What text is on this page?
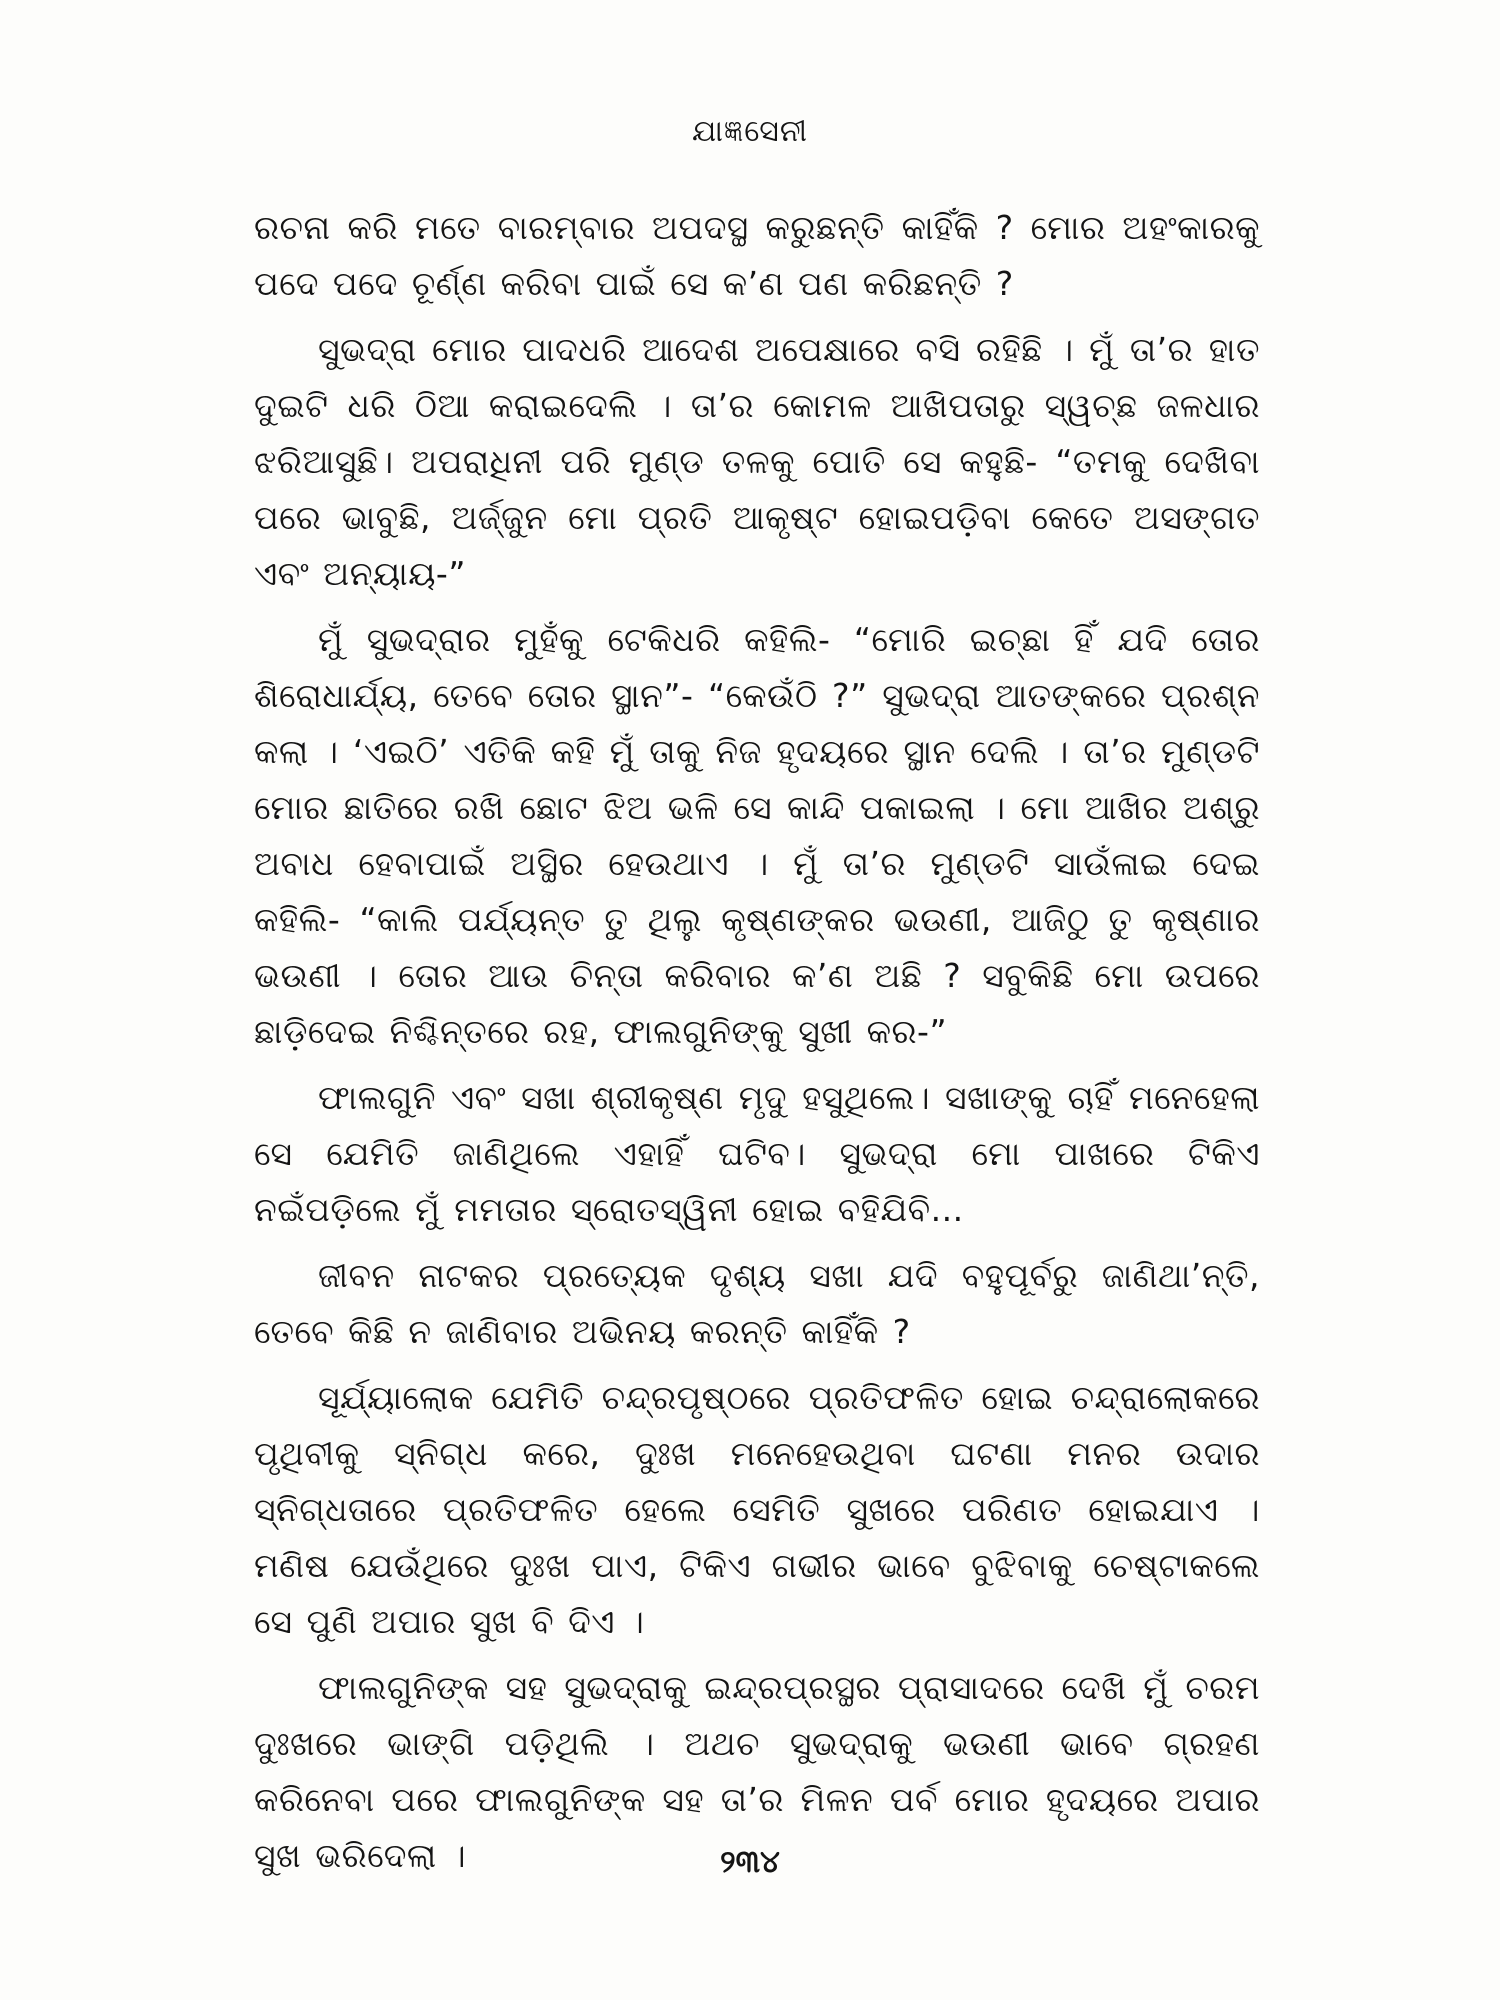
ଯାଜ୍ଞସେନୀ

ରଚନା କରି ମତେ ବାରମ୍ବାର ଅପଦସ୍ଥ କରୁଛନ୍ତି କାହିଁକି ? ମୋର ଅହଂକାରକୁ ପଦେ ପଦେ ଚୂର୍ଣ୍ଣ କରିବା ପାଇଁ ସେ କ’ଣ ପଣ କରିଛନ୍ତି ?

ସୁଭଦ୍ରା ମୋର ପାଦଧରି ଆଦେଶ ଅପେକ୍ଷାରେ ବସି ରହିଛି । ମୁଁ ତା’ର ହାତ ଦୁଇଟି ଧରି ଠିଆ କରାଇଦେଲି । ତା’ର କୋମଳ ଆଖିପତାରୁ ସ୍ୱଚ୍ଛ ଜଳଧାର ଝରିଆସୁଛି। ଅପରାଧିନୀ ପରି ମୁଣ୍ଡ ତଳକୁ ପୋତି ସେ କହୁଛି- “ତମକୁ ଦେଖିବା ପରେ ଭାବୁଛି, ଅର୍ଜ୍ଜୁନ ମୋ ପ୍ରତି ଆକୃଷ୍ଟ ହୋଇପଡ଼ିବା କେତେ ଅସଙ୍ଗତ ଏବଂ ଅନ୍ୟାୟ-”

ମୁଁ ସୁଭଦ୍ରାର ମୁହଁକୁ ଟେକିଧରି କହିଲି- “ମୋରି ଇଚ୍ଛା ହିଁ ଯଦି ତୋର ଶିରୋଧାର୍ଯ୍ୟ, ତେବେ ତୋର ସ୍ଥାନ”- “କେଉଁଠି ?” ସୁଭଦ୍ରା ଆତଙ୍କରେ ପ୍ରଶ୍ନ କଲା । ‘ଏଇଠି’ ଏତିକି କହି ମୁଁ ତାକୁ ନିଜ ହୃଦୟରେ ସ୍ଥାନ ଦେଲି । ତା’ର ମୁଣ୍ଡଟି ମୋର ଛାତିରେ ରଖି ଛୋଟ ଝିଅ ଭଳି ସେ କାନ୍ଦି ପକାଇଲା । ମୋ ଆଖିର ଅଶ୍ରୁ ଅବାଧ ହେବାପାଇଁ ଅସ୍ଥିର ହେଉଥାଏ । ମୁଁ ତା’ର ମୁଣ୍ଡଟି ସାଉଁଳାଇ ଦେଇ କହିଲି- “କାଲି ପର୍ଯ୍ୟନ୍ତ ତୁ ଥିଲୁ କୃଷ୍ଣଙ୍କର ଭଉଣୀ, ଆଜିଠୁ ତୁ କୃଷ୍ଣାର ଭଉଣୀ । ତୋର ଆଉ ଚିନ୍ତା କରିବାର କ’ଣ ଅଛି ? ସବୁକିଛି ମୋ ଉପରେ ଛାଡ଼ିଦେଇ ନିଶ୍ଚିନ୍ତରେ ରହ, ଫାଲଗୁନିଙ୍କୁ ସୁଖୀ କର-”

ଫାଲଗୁନି ଏବଂ ସଖା ଶ୍ରୀକୃଷ୍ଣ ମୃଦୁ ହସୁଥିଲେ। ସଖାଙ୍କୁ ଚାହିଁ ମନେହେଲା ସେ ଯେମିତି ଜାଣିଥିଲେ ଏହାହିଁ ଘଟିବ। ସୁଭଦ୍ରା ମୋ ପାଖରେ ଟିକିଏ ନଇଁପଡ଼ିଲେ ମୁଁ ମମତାର ସ୍ରୋତସ୍ୱିନୀ ହୋଇ ବହିଯିବି...

ଜୀବନ ନାଟକର ପ୍ରତ୍ୟେକ ଦୃଶ୍ୟ ସଖା ଯଦି ବହୁପୂର୍ବରୁ ଜାଣିଥା’ନ୍ତି, ତେବେ କିଛି ନ ଜାଣିବାର ଅଭିନୟ କରନ୍ତି କାହିଁକି ?

ସୂର୍ଯ୍ୟାଲୋକ ଯେମିତି ଚନ୍ଦ୍ରପୃଷ୍ଠରେ ପ୍ରତିଫଳିତ ହୋଇ ଚନ୍ଦ୍ରାଲୋକରେ ପୃଥିବୀକୁ ସ୍ନିଗ୍ଧ କରେ, ଦୁଃଖ ମନେହେଉଥିବା ଘଟଣା ମନର ଉଦାର ସ୍ନିଗ୍ଧତାରେ ପ୍ରତିଫଳିତ ହେଲେ ସେମିତି ସୁଖରେ ପରିଣତ ହୋଇଯାଏ । ମଣିଷ ଯେଉଁଥିରେ ଦୁଃଖ ପାଏ, ଟିକିଏ ଗଭୀର ଭାବେ ବୁଝିବାକୁ ଚେଷ୍ଟାକଲେ ସେ ପୁଣି ଅପାର ସୁଖ ବି ଦିଏ ।

ଫାଲଗୁନିଙ୍କ ସହ ସୁଭଦ୍ରାକୁ ଇନ୍ଦ୍ରପ୍ରସ୍ଥର ପ୍ରାସାଦରେ ଦେଖି ମୁଁ ଚରମ ଦୁଃଖରେ ଭାଙ୍ଗି ପଡ଼ିଥିଲି । ଅଥଚ ସୁଭଦ୍ରାକୁ ଭଉଣୀ ଭାବେ ଗ୍ରହଣ କରିନେବା ପରେ ଫାଲଗୁନିଙ୍କ ସହ ତା’ର ମିଳନ ପର୍ବ ମୋର ହୃଦୟରେ ଅପାର ସୁଖ ଭରିଦେଲା ।	୨୩୪
